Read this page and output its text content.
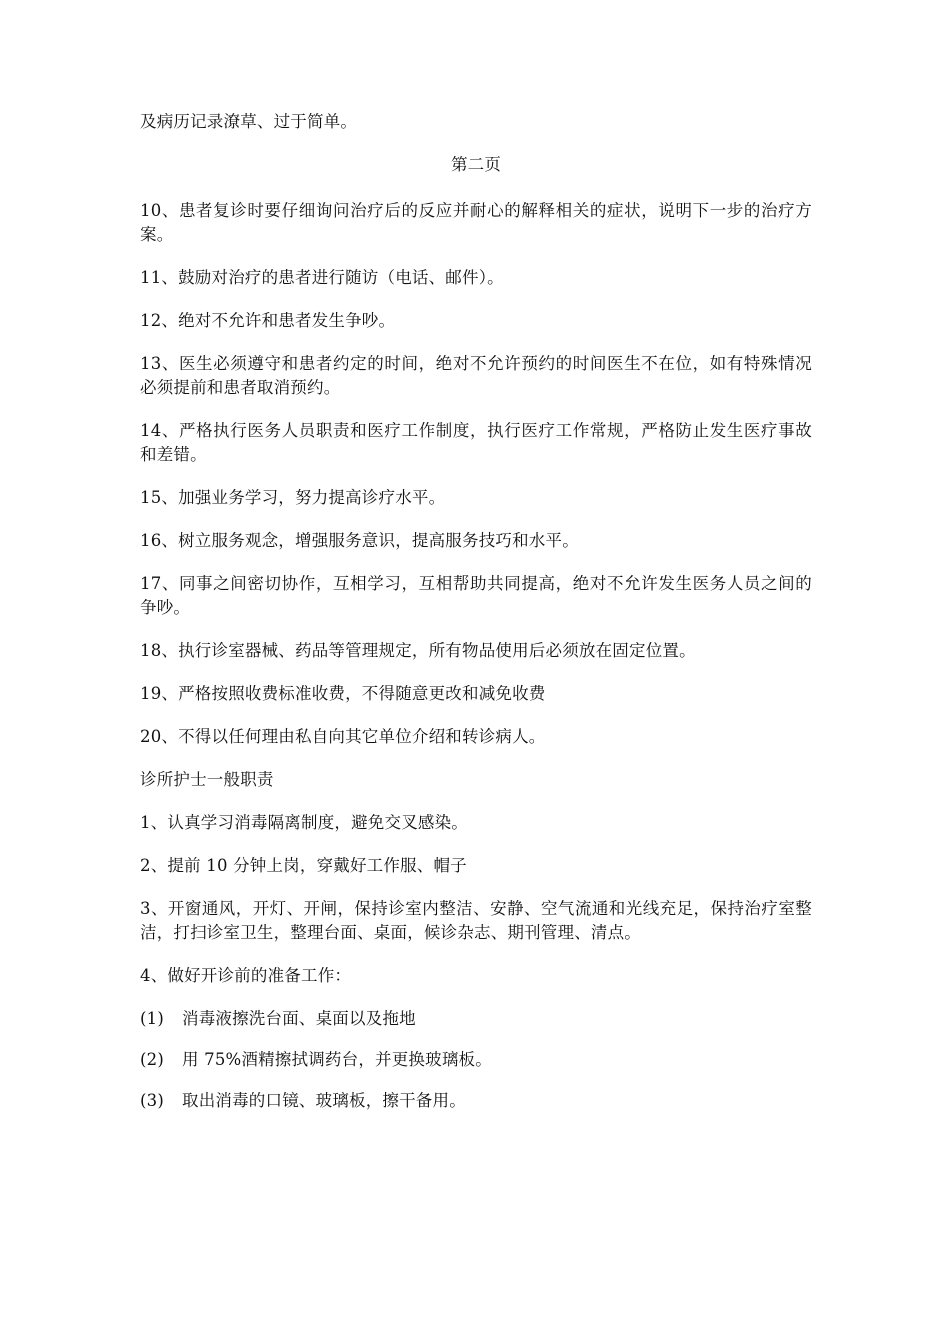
及病历记录潦草、过于简单。

第二页

10、患者复诊时要仔细询问治疗后的反应并耐心的解释相关的症状，说明下一步的治疗方案。

11、鼓励对治疗的患者进行随访（电话、邮件）。

12、绝对不允许和患者发生争吵。

13、医生必须遵守和患者约定的时间，绝对不允许预约的时间医生不在位，如有特殊情况必须提前和患者取消预约。

14、严格执行医务人员职责和医疗工作制度，执行医疗工作常规，严格防止发生医疗事故和差错。

15、加强业务学习，努力提高诊疗水平。

16、树立服务观念，增强服务意识，提高服务技巧和水平。

17、同事之间密切协作，互相学习，互相帮助共同提高，绝对不允许发生医务人员之间的争吵。

18、执行诊室器械、药品等管理规定，所有物品使用后必须放在固定位置。

19、严格按照收费标准收费，不得随意更改和减免收费

20、不得以任何理由私自向其它单位介绍和转诊病人。

诊所护士一般职责

1、认真学习消毒隔离制度，避免交叉感染。

2、提前 10 分钟上岗，穿戴好工作服、帽子

3、开窗通风，开灯、开闸，保持诊室内整洁、安静、空气流通和光线充足，保持治疗室整洁，打扫诊室卫生，整理台面、桌面，候诊杂志、期刊管理、清点。

4、做好开诊前的准备工作：

(1) 消毒液擦洗台面、桌面以及拖地

(2) 用 75%酒精擦拭调药台，并更换玻璃板。

(3) 取出消毒的口镜、玻璃板，擦干备用。
